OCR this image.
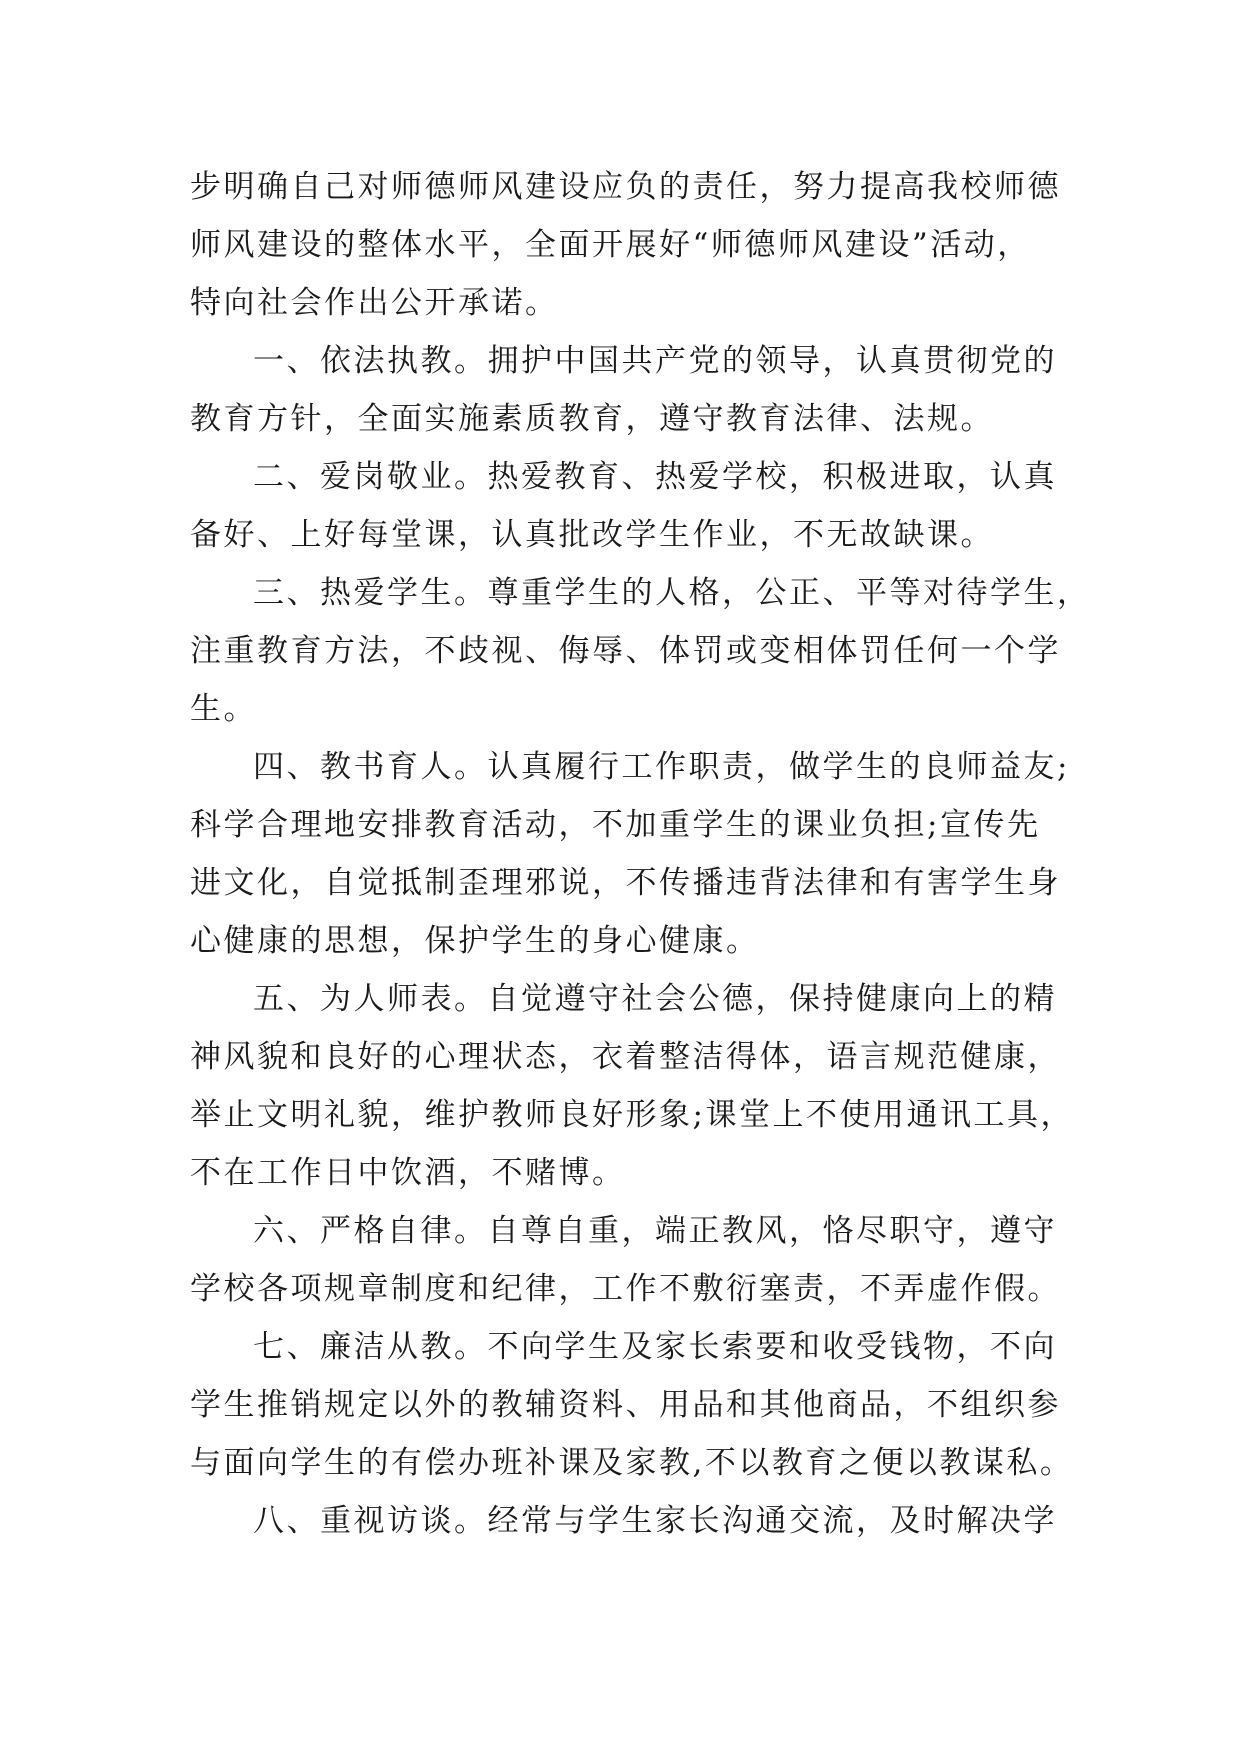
步明确自己对师德师风建设应负的责任，努力提高我校师德
师风建设的整体水平，全面开展好“师德师风建设”活动，
特向社会作出公开承诺。
一、依法执教。拥护中国共产党的领导，认真贯彻党的
教育方针，全面实施素质教育，遵守教育法律、法规。
二、爱岗敬业。热爱教育、热爱学校，积极进取，认真
备好、上好每堂课，认真批改学生作业，不无故缺课。
三、热爱学生。尊重学生的人格，公正、平等对待学生，
注重教育方法，不歧视、侮辱、体罚或变相体罚任何一个学
生。
四、教书育人。认真履行工作职责，做学生的良师益友;
科学合理地安排教育活动，不加重学生的课业负担;宣传先
进文化，自觉抵制歪理邪说，不传播违背法律和有害学生身
心健康的思想，保护学生的身心健康。
五、为人师表。自觉遵守社会公德，保持健康向上的精
神风貌和良好的心理状态，衣着整洁得体，语言规范健康，
举止文明礼貌，维护教师良好形象;课堂上不使用通讯工具，
不在工作日中饮酒，不赌博。
六、严格自律。自尊自重，端正教风，恪尽职守，遵守
学校各项规章制度和纪律，工作不敷衍塞责，不弄虚作假。
七、廉洁从教。不向学生及家长索要和收受钱物，不向
学生推销规定以外的教辅资料、用品和其他商品，不组织参
与面向学生的有偿办班补课及家教,不以教育之便以教谋私。
八、重视访谈。经常与学生家长沟通交流，及时解决学
